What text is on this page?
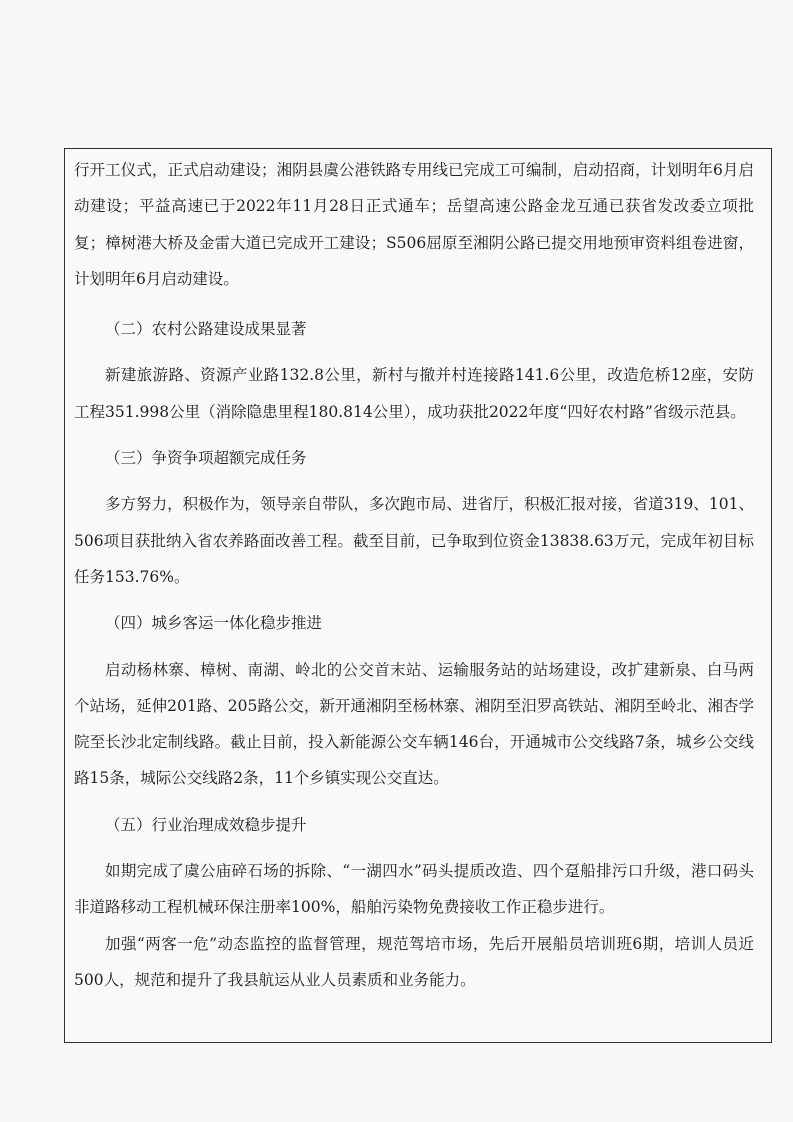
行开工仪式，正式启动建设；湘阴县虞公港铁路专用线已完成工可编制，启动招商，计划明年6月启动建设；平益高速已于2022年11月28日正式通车；岳望高速公路金龙互通已获省发改委立项批复；樟树港大桥及金雷大道已完成开工建设；S506屈原至湘阴公路已提交用地预审资料组卷进窗，计划明年6月启动建设。

（二）农村公路建设成果显著

新建旅游路、资源产业路132.8公里，新村与撤并村连接路141.6公里，改造危桥12座，安防工程351.998公里（消除隐患里程180.814公里），成功获批2022年度“四好农村路”省级示范县。

（三）争资争项超额完成任务

多方努力，积极作为，领导亲自带队，多次跑市局、进省厅，积极汇报对接，省道319、101、506项目获批纳入省农养路面改善工程。截至目前，已争取到位资金13838.63万元，完成年初目标任务153.76%。

（四）城乡客运一体化稳步推进

启动杨林寨、樟树、南湖、岭北的公交首末站、运输服务站的站场建设，改扩建新泉、白马两个站场，延伸201路、205路公交，新开通湘阴至杨林寨、湘阴至汨罗高铁站、湘阴至岭北、湘杏学院至长沙北定制线路。截止目前，投入新能源公交车辆146台，开通城市公交线路7条，城乡公交线路15条，城际公交线路2条，11个乡镇实现公交直达。

（五）行业治理成效稳步提升

如期完成了虞公庙碎石场的拆除、“一湖四水”码头提质改造、四个趸船排污口升级，港口码头非道路移动工程机械环保注册率100%，船舶污染物免费接收工作正稳步进行。

加强“两客一危”动态监控的监督管理，规范驾培市场，先后开展船员培训班6期，培训人员近500人，规范和提升了我县航运从业人员素质和业务能力。
